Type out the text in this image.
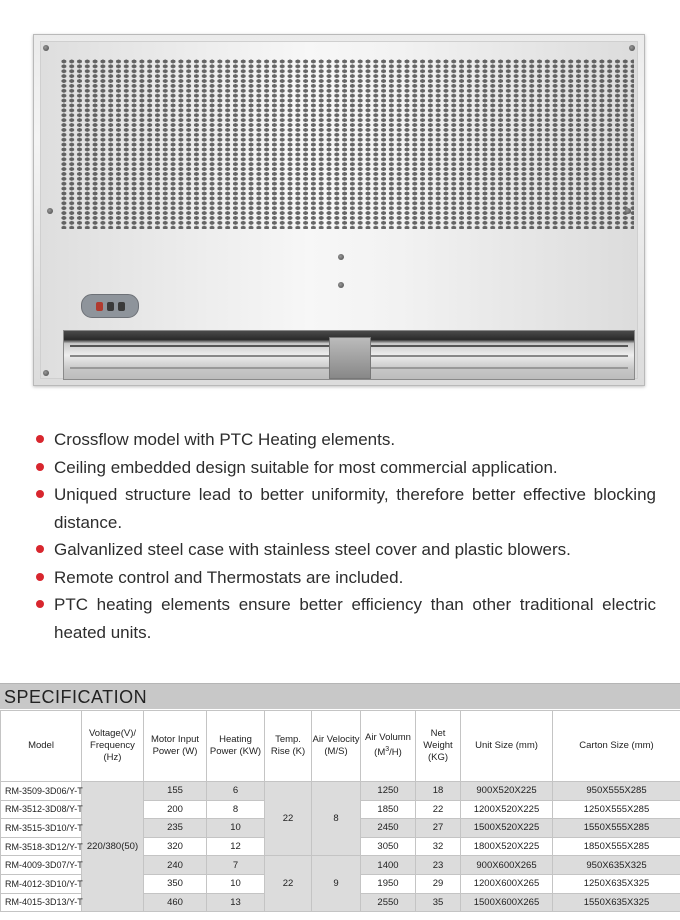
Crossflow model with PTC Heating elements.
Ceiling embedded design suitable for most commercial application.
Uniqued structure lead to better uniformity, therefore better effective blocking distance.
Galvanlized steel case with stainless steel cover and plastic blowers.
Remote control and Thermostats are included.
PTC heating elements ensure better efficiency than other traditional electric heated units.
SPECIFICATION
Model	Voltage(V)/ Frequency (Hz)	Motor Input Power (W)	Heating Power (KW)	Temp. Rise (K)	Air Velocity (M/S)	Air Volumn
$(M^3/H)$	Net Weight (KG)	Unit Size (mm)	Carton Size (mm)
RM-3509-3D06/Y-T	220/380(50)	155	6	22	8	1250	18	900X520X225	950X555X285
RM-3512-3D08/Y-T		200	8			1850	22	1200X520X225	1250X555X285
RM-3515-3D10/Y-T		235	10			2450	27	1500X520X225	1550X555X285
RM-3518-3D12/Y-T		320	12			3050	32	1800X520X225	1850X555X285
RM-4009-3D07/Y-T		240	7	22	9	1400	23	900X600X265	950X635X325
RM-4012-3D10/Y-T		350	10			1950	29	1200X600X265	1250X635X325
RM-4015-3D13/Y-T		460	13			2550	35	1500X600X265	1550X635X325
